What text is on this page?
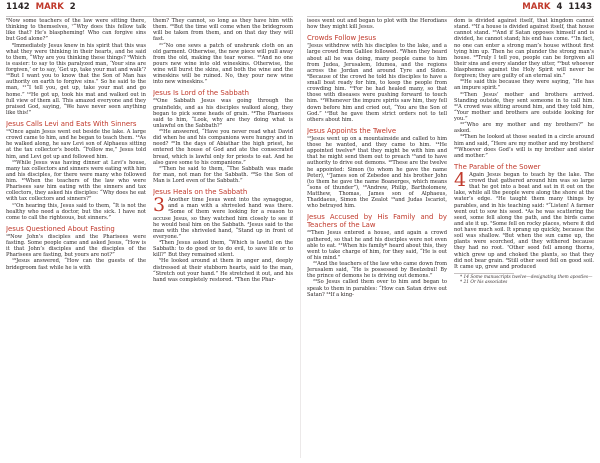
1142 MARK 2	MARK 4 1143

⁶Now some teachers of the law were sitting there, thinking to themselves, ⁷“Why does this fellow talk like that? He’s blaspheming! Who can forgive sins but God alone?”

⁸Immediately Jesus knew in his spirit that this was what they were thinking in their hearts, and he said to them, “Why are you thinking these things? ⁹Which is easier: to say to this paralyzed man, ‘Your sins are forgiven,’ or to say, ‘Get up, take your mat and walk’? ¹⁰But I want you to know that the Son of Man has authority on earth to forgive sins.” So he said to the man, ¹¹“I tell you, get up, take your mat and go home.” ¹²He got up, took his mat and walked out in full view of them all. This amazed everyone and they praised God, saying, “We have never seen anything like this!”

Jesus Calls Levi and Eats With Sinners

¹³Once again Jesus went out beside the lake. A large crowd came to him, and he began to teach them. ¹⁴As he walked along, he saw Levi son of Alphaeus sitting at the tax collector’s booth. “Follow me,” Jesus told him, and Levi got up and followed him.

¹⁵While Jesus was having dinner at Levi’s house, many tax collectors and sinners were eating with him and his disciples, for there were many who followed him. ¹⁶When the teachers of the law who were Pharisees saw him eating with the sinners and tax collectors, they asked his disciples: “Why does he eat with tax collectors and sinners?”

¹⁷On hearing this, Jesus said to them, “It is not the healthy who need a doctor, but the sick. I have not come to call the righteous, but sinners.”

Jesus Questioned About Fasting

¹⁸Now John’s disciples and the Pharisees were fasting. Some people came and asked Jesus, “How is it that John’s disciples and the disciples of the Pharisees are fasting, but yours are not?”

¹⁹Jesus answered, “How can the guests of the bridegroom fast while he is with

them? They cannot, so long as they have him with them. ²⁰But the time will come when the bridegroom will be taken from them, and on that day they will fast.

²¹“No one sews a patch of unshrunk cloth on an old garment. Otherwise, the new piece will pull away from the old, making the tear worse. ²²And no one pours new wine into old wineskins. Otherwise, the wine will burst the skins, and both the wine and the wineskins will be ruined. No, they pour new wine into new wineskins.”

Jesus Is Lord of the Sabbath

²³One Sabbath Jesus was going through the grainfields, and as his disciples walked along, they began to pick some heads of grain. ²⁴The Pharisees said to him, “Look, why are they doing what is unlawful on the Sabbath?”

²⁵He answered, “Have you never read what David did when he and his companions were hungry and in need? ²⁶In the days of Abiathar the high priest, he entered the house of God and ate the consecrated bread, which is lawful only for priests to eat. And he also gave some to his companions.”

²⁷Then he said to them, “The Sabbath was made for man, not man for the Sabbath. ²⁸So the Son of Man is Lord even of the Sabbath.”

Jesus Heals on the Sabbath

3 Another time Jesus went into the synagogue, and a man with a shriveled hand was there. ²Some of them were looking for a reason to accuse Jesus, so they watched him closely to see if he would heal him on the Sabbath. ³Jesus said to the man with the shriveled hand, “Stand up in front of everyone.”

⁴Then Jesus asked them, “Which is lawful on the Sabbath: to do good or to do evil, to save life or to kill?” But they remained silent.

⁵He looked around at them in anger and, deeply distressed at their stubborn hearts, said to the man, “Stretch out your hand.” He stretched it out, and his hand was completely restored. ⁶Then the Phar-

isees went out and began to plot with the Herodians how they might kill Jesus.

Crowds Follow Jesus

⁷Jesus withdrew with his disciples to the lake, and a large crowd from Galilee followed. ⁸When they heard about all he was doing, many people came to him from Judea, Jerusalem, Idumea, and the regions across the Jordan and around Tyre and Sidon. ⁹Because of the crowd he told his disciples to have a small boat ready for him, to keep the people from crowding him. ¹⁰For he had healed many, so that those with diseases were pushing forward to touch him. ¹¹Whenever the impure spirits saw him, they fell down before him and cried out, “You are the Son of God.” ¹²But he gave them strict orders not to tell others about him.

Jesus Appoints the Twelve

¹³Jesus went up on a mountainside and called to him those he wanted, and they came to him. ¹⁴He appointed twelve* that they might be with him and that he might send them out to preach ¹⁵and to have authority to drive out demons. ¹⁶These are the twelve he appointed: Simon (to whom he gave the name Peter), ¹⁷James son of Zebedee and his brother John (to them he gave the name Boanerges, which means “sons of thunder”), ¹⁸Andrew, Philip, Bartholomew, Matthew, Thomas, James son of Alphaeus, Thaddaeus, Simon the Zealot ¹⁹and Judas Iscariot, who betrayed him.

Jesus Accused by His Family and by Teachers of the Law

²⁰Then Jesus entered a house, and again a crowd gathered, so that he and his disciples were not even able to eat. ²¹When his family* heard about this, they went to take charge of him, for they said, “He is out of his mind.”

²²And the teachers of the law who came down from Jerusalem said, “He is possessed by Beelzebul! By the prince of demons he is driving out demons.”

²³So Jesus called them over to him and began to speak to them in parables: “How can Satan drive out Satan? ²⁴If a king-

dom is divided against itself, that kingdom cannot stand. ²⁵If a house is divided against itself, that house cannot stand. ²⁶And if Satan opposes himself and is divided, he cannot stand; his end has come. ²⁷In fact, no one can enter a strong man’s house without first tying him up. Then he can plunder the strong man’s house. ²⁸Truly I tell you, people can be forgiven all their sins and every slander they utter, ²⁹but whoever blasphemes against the Holy Spirit will never be forgiven; they are guilty of an eternal sin.”

³⁰He said this because they were saying, “He has an impure spirit.”

³¹Then Jesus’ mother and brothers arrived. Standing outside, they sent someone in to call him. ³²A crowd was sitting around him, and they told him, “Your mother and brothers are outside looking for you.”

³³“Who are my mother and my brothers?” he asked.

³⁴Then he looked at those seated in a circle around him and said, “Here are my mother and my brothers! ³⁵Whoever does God’s will is my brother and sister and mother.”

The Parable of the Sower

4 Again Jesus began to teach by the lake. The crowd that gathered around him was so large that he got into a boat and sat in it out on the lake, while all the people were along the shore at the water’s edge. ²He taught them many things by parables, and in his teaching said: ³“Listen! A farmer went out to sow his seed. ⁴As he was scattering the seed, some fell along the path, and the birds came and ate it up. ⁵Some fell on rocky places, where it did not have much soil. It sprang up quickly, because the soil was shallow. ⁶But when the sun came up, the plants were scorched, and they withered because they had no root. ⁷Other seed fell among thorns, which grew up and choked the plants, so that they did not bear grain. ⁸Still other seed fell on good soil. It came up, grew and produced

* 14 Some manuscripts twelve—designating them apostles—

* 21 Or his associates
